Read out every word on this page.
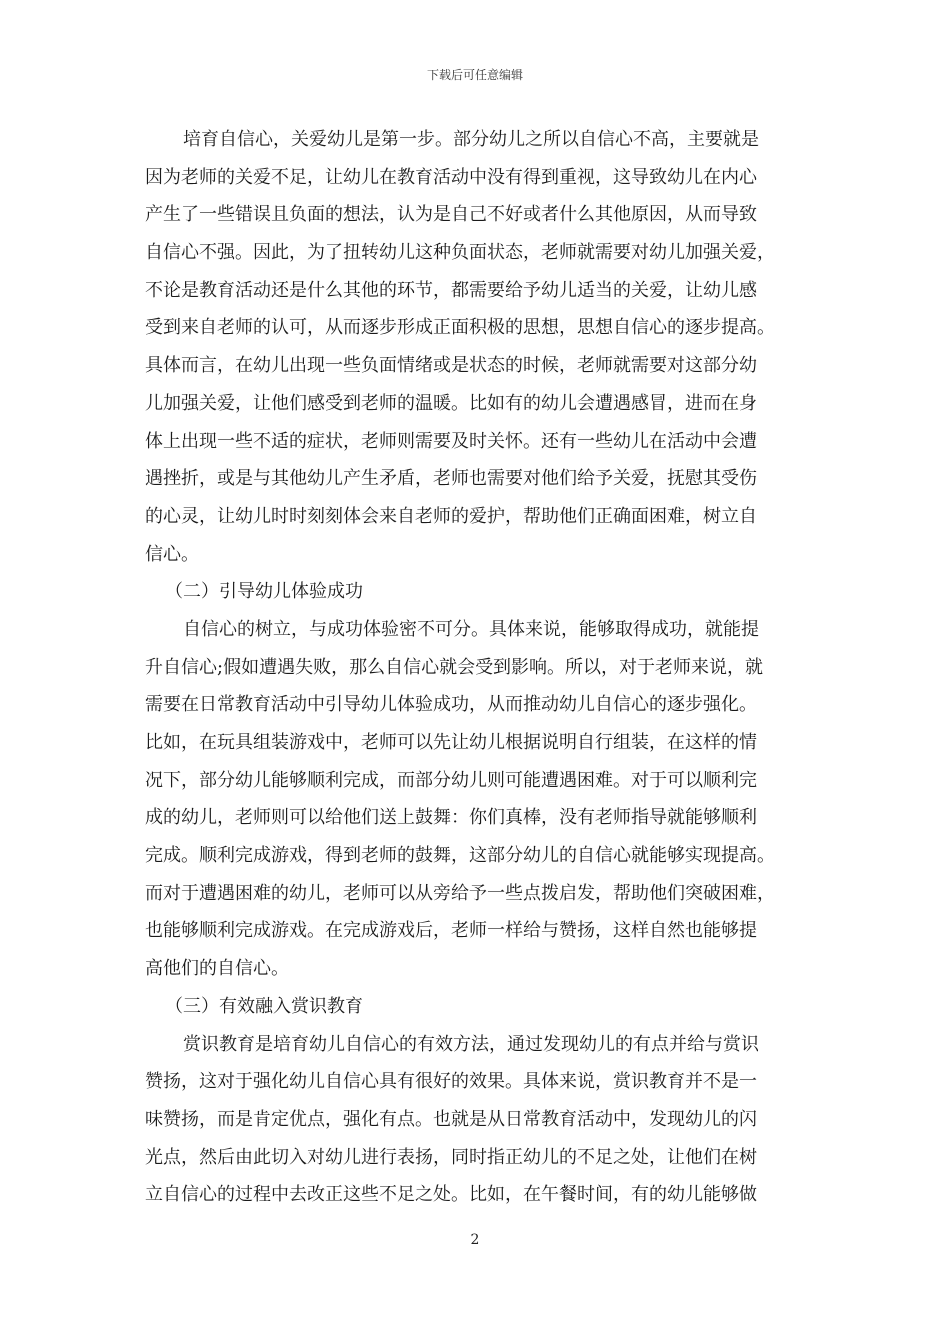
下载后可任意编辑
培育自信心，关爱幼儿是第一步。部分幼儿之所以自信心不高，主要就是
因为老师的关爱不足，让幼儿在教育活动中没有得到重视，这导致幼儿在内心
产生了一些错误且负面的想法，认为是自己不好或者什么其他原因，从而导致
自信心不强。因此，为了扭转幼儿这种负面状态，老师就需要对幼儿加强关爱，
不论是教育活动还是什么其他的环节，都需要给予幼儿适当的关爱，让幼儿感
受到来自老师的认可，从而逐步形成正面积极的思想，思想自信心的逐步提高。
具体而言，在幼儿出现一些负面情绪或是状态的时候，老师就需要对这部分幼
儿加强关爱，让他们感受到老师的温暖。比如有的幼儿会遭遇感冒，进而在身
体上出现一些不适的症状，老师则需要及时关怀。还有一些幼儿在活动中会遭
遇挫折，或是与其他幼儿产生矛盾，老师也需要对他们给予关爱，抚慰其受伤
的心灵，让幼儿时时刻刻体会来自老师的爱护，帮助他们正确面困难，树立自
信心。
（二）引导幼儿体验成功
自信心的树立，与成功体验密不可分。具体来说，能够取得成功，就能提
升自信心;假如遭遇失败，那么自信心就会受到影响。所以，对于老师来说，就
需要在日常教育活动中引导幼儿体验成功，从而推动幼儿自信心的逐步强化。
比如，在玩具组装游戏中，老师可以先让幼儿根据说明自行组装，在这样的情
况下，部分幼儿能够顺利完成，而部分幼儿则可能遭遇困难。对于可以顺利完
成的幼儿，老师则可以给他们送上鼓舞：你们真棒，没有老师指导就能够顺利
完成。顺利完成游戏，得到老师的鼓舞，这部分幼儿的自信心就能够实现提高。
而对于遭遇困难的幼儿，老师可以从旁给予一些点拨启发，帮助他们突破困难，
也能够顺利完成游戏。在完成游戏后，老师一样给与赞扬，这样自然也能够提
高他们的自信心。
（三）有效融入赏识教育
赏识教育是培育幼儿自信心的有效方法，通过发现幼儿的有点并给与赏识
赞扬，这对于强化幼儿自信心具有很好的效果。具体来说，赏识教育并不是一
味赞扬，而是肯定优点，强化有点。也就是从日常教育活动中，发现幼儿的闪
光点，然后由此切入对幼儿进行表扬，同时指正幼儿的不足之处，让他们在树
立自信心的过程中去改正这些不足之处。比如，在午餐时间，有的幼儿能够做
2
